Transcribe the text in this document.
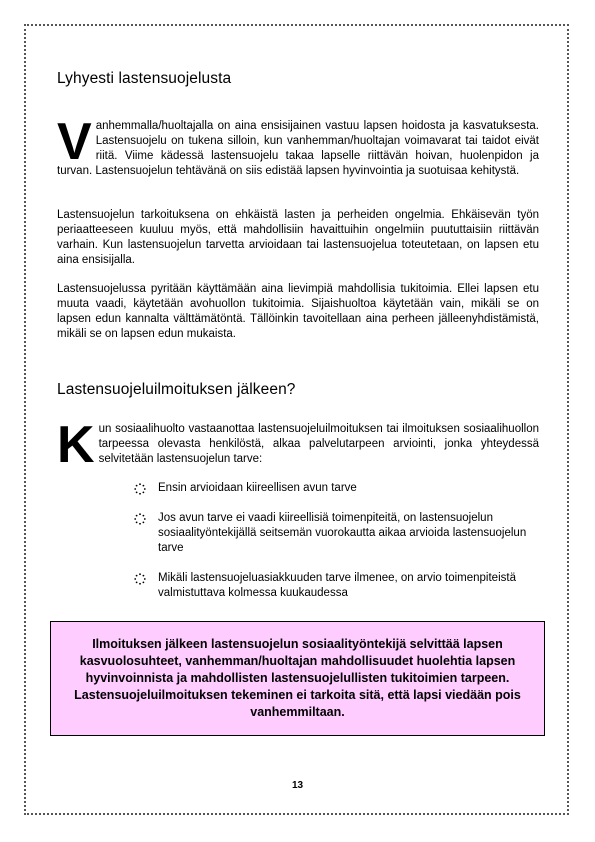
Lyhyesti lastensuojelusta

Vanhemmalla/huoltajalla on aina ensisijainen vastuu lapsen hoidosta ja kasvatuksesta. Lastensuojelu on tukena silloin, kun vanhemman/huoltajan voimavarat tai taidot eivät riitä. Viime kädessä lastensuojelu takaa lapselle riittävän hoivan, huolenpidon ja turvan. Lastensuojelun tehtävänä on siis edistää lapsen hyvinvointia ja suotuisaa kehitystä.

Lastensuojelun tarkoituksena on ehkäistä lasten ja perheiden ongelmia. Ehkäisevän työn periaatteeseen kuuluu myös, että mahdollisiin havaittuihin ongelmiin puututtaisiin riittävän varhain. Kun lastensuojelun tarvetta arvioidaan tai lastensuojelua toteutetaan, on lapsen etu aina ensisijalla.

Lastensuojelussa pyritään käyttämään aina lievimpiä mahdollisia tukitoimia. Ellei lapsen etu muuta vaadi, käytetään avohuollon tukitoimia. Sijaishuoltoa käytetään vain, mikäli se on lapsen edun kannalta välttämätöntä. Tällöinkin tavoitellaan aina perheen jälleenyhdistämistä, mikäli se on lapsen edun mukaista.

Lastensuojeluilmoituksen jälkeen?

Kun sosiaalihuolto vastaanottaa lastensuojeluilmoituksen tai ilmoituksen sosiaalihuollon tarpeessa olevasta henkilöstä, alkaa palvelutarpeen arviointi, jonka yhteydessä selvitetään lastensuojelun tarve:

Ensin arvioidaan kiireellisen avun tarve
Jos avun tarve ei vaadi kiireellisiä toimenpiteitä, on lastensuojelun sosiaalityöntekijällä seitsemän vuorokautta aikaa arvioida lastensuojelun tarve
Mikäli lastensuojeluasiakkuuden tarve ilmenee, on arvio toimenpiteistä valmistuttava kolmessa kuukaudessa

Ilmoituksen jälkeen lastensuojelun sosiaalityöntekijä selvittää lapsen kasvuolosuhteet, vanhemman/huoltajan mahdollisuudet huolehtia lapsen hyvinvoinnista ja mahdollisten lastensuojelullisten tukitoimien tarpeen. Lastensuojeluilmoituksen tekeminen ei tarkoita sitä, että lapsi viedään pois vanhemmiltaan.

13
